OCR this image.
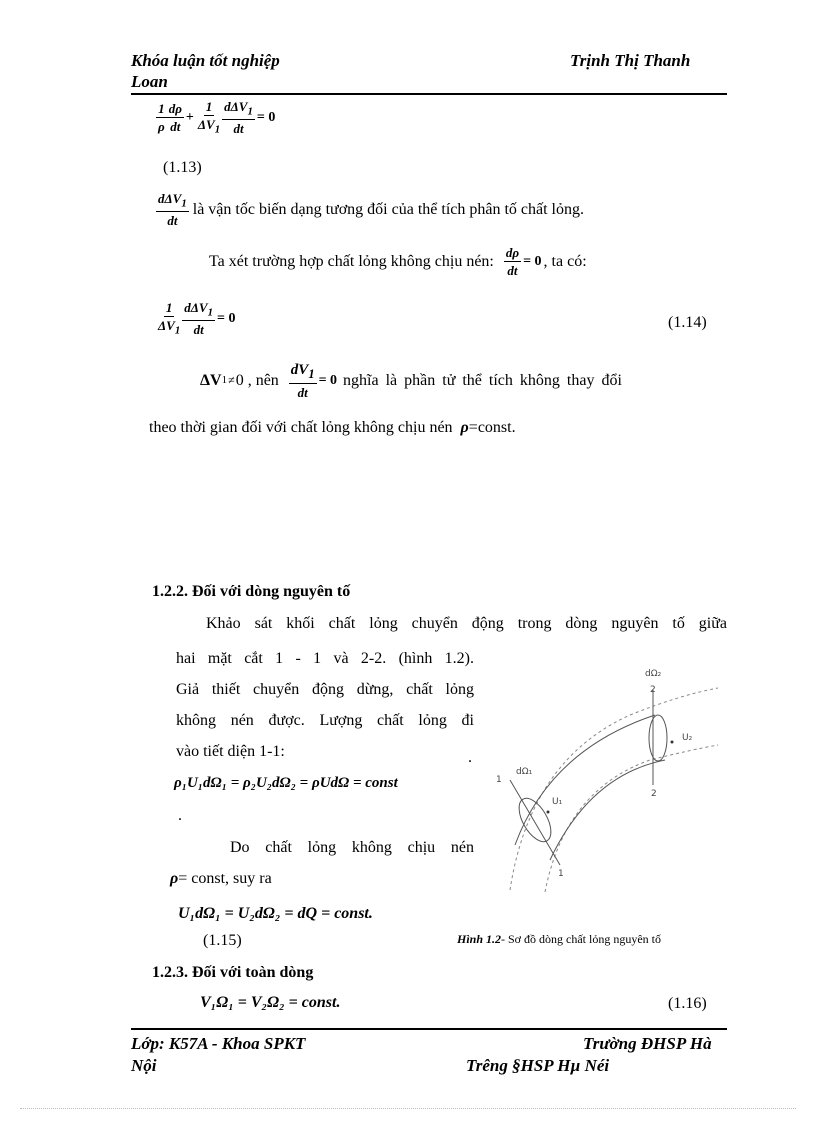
Khóa luận tốt nghiệp
Loan
Trịnh Thị Thanh
$\frac{1}{\rho} \frac{d\rho}{dt} + \frac{1}{\Delta V_1} \frac{d\Delta V_1}{dt} = 0$
(1.13)
$\frac{d\Delta V_1}{dt}$ là vận tốc biến dạng tương đối của thể tích phân tố chất lỏng.
Ta xét trường hợp chất lỏng không chịu nén: $\frac{d\rho}{dt} = 0$ , ta có:
$\frac{1}{\Delta V_1} \frac{d\Delta V_1}{dt} = 0$	(1.14)
ΔV 1 ≠ 0 , nên $\frac{dV_1}{dt} = 0$ nghĩa là phần tử thể tích không thay đổi
theo thời gian đối với chất lỏng không chịu nén ρ =const.
1.2.2. Đối với dòng nguyên tố
Khảo sát khối chất lỏng chuyển động trong dòng nguyên tố giữa
hai mặt cắt 1 - 1 và 2-2. (hình 1.2).
Giả thiết chuyển động dừng, chất lỏng
không nén được. Lượng chất lỏng đi
vào tiết diện 1-1:	.
ρ₁U₁dΩ₁ = ρ₂U₂dΩ₂ = ρUdΩ = const
.
Do chất lỏng không chịu nén
ρ = const, suy ra
U₁dΩ₁ = U₂dΩ₂ = dQ = const.
(1.15)
dΩ₂
2
U₂
dΩ₁
1
U₁
2
1
Hình 1.2- Sơ đồ dòng chất lỏng nguyên tố
1.2.3. Đối với toàn dòng
V₁Ω₁ = V₂Ω₂ = const.	(1.16)
Lớp: K57A - Khoa SPKT
Nội
Trường ĐHSP Hà
Trêng §HSP Hµ Néi
